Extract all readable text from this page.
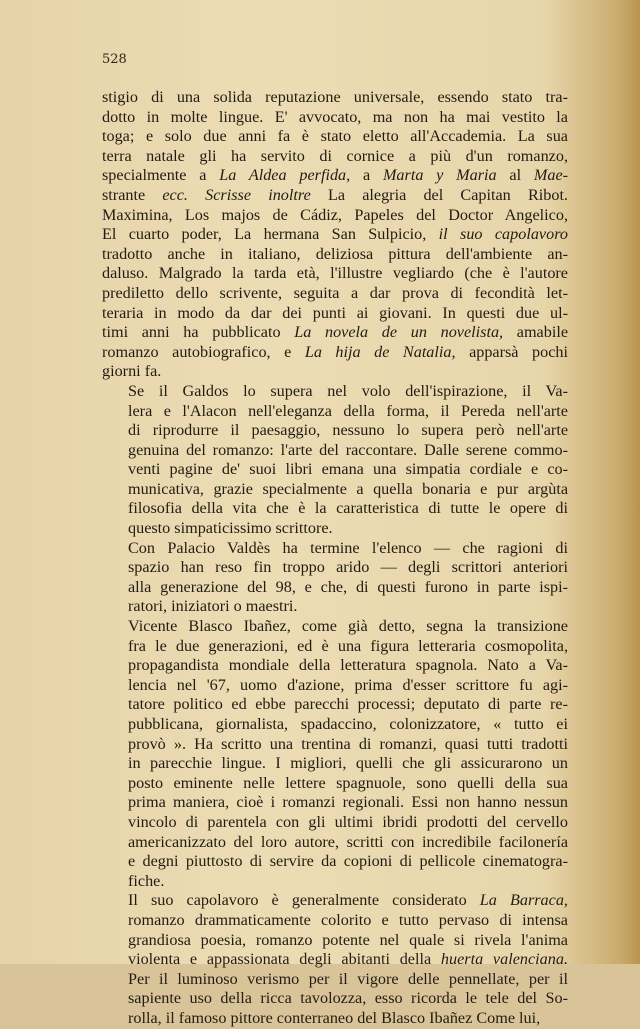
528

stigio di una solida reputazione universale, essendo stato tra-
dotto in molte lingue. E' avvocato, ma non ha mai vestito la
toga; e solo due anni fa è stato eletto all'Accademia. La sua
terra natale gli ha servito di cornice a più d'un romanzo,
specialmente a La Aldea perfida, a Marta y Maria al Mae-
strante ecc. Scrisse inoltre La alegria del Capitan Ribot.
Maximina, Los majos de Cádiz, Papeles del Doctor Angelico,
El cuarto poder, La hermana San Sulpicio, il suo capolavoro
tradotto anche in italiano, deliziosa pittura dell'ambiente an-
daluso. Malgrado la tarda età, l'illustre vegliardo (che è l'autore
prediletto dello scrivente, seguita a dar prova di fecondità let-
teraria in modo da dar dei punti ai giovani. In questi due ul-
timi anni ha pubblicato La novela de un novelista, amabile
romanzo autobiografico, e La hija de Natalia, apparsà pochi
giorni fa.

Se il Galdos lo supera nel volo dell'ispirazione, il Va-
lera e l'Alacon nell'eleganza della forma, il Pereda nell'arte
di riprodurre il paesaggio, nessuno lo supera però nell'arte
genuina del romanzo: l'arte del raccontare. Dalle serene commo-
venti pagine de' suoi libri emana una simpatia cordiale e co-
municativa, grazie specialmente a quella bonaria e pur argùta
filosofia della vita che è la caratteristica di tutte le opere di
questo simpaticissimo scrittore.

Con Palacio Valdès ha termine l'elenco — che ragioni di
spazio han reso fin troppo arido — degli scrittori anteriori
alla generazione del 98, e che, di questi furono in parte ispi-
ratori, iniziatori o maestri.

Vicente Blasco Ibañez, come già detto, segna la transizione
fra le due generazioni, ed è una figura letteraria cosmopolita,
propagandista mondiale della letteratura spagnola. Nato a Va-
lencia nel '67, uomo d'azione, prima d'esser scrittore fu agi-
tatore politico ed ebbe parecchi processi; deputato di parte re-
pubblicana, giornalista, spadaccino, colonizzatore, « tutto ei
provò ». Ha scritto una trentina di romanzi, quasi tutti tradotti
in parecchie lingue. I migliori, quelli che gli assicurarono un
posto eminente nelle lettere spagnuole, sono quelli della sua
prima maniera, cioè i romanzi regionali. Essi non hanno nessun
vincolo di parentela con gli ultimi ibridi prodotti del cervello
americanizzato del loro autore, scritti con incredibile facilonería
e degni piuttosto di servire da copioni di pellicole cinematogra-
fiche.

Il suo capolavoro è generalmente considerato La Barraca,
romanzo drammaticamente colorito e tutto pervaso di intensa
grandiosa poesia, romanzo potente nel quale si rivela l'anima
violenta e appassionata degli abitanti della huerta valenciana.
Per il luminoso verismo per il vigore delle pennellate, per il
sapiente uso della ricca tavolozza, esso ricorda le tele del So-
rolla, il famoso pittore conterraneo del Blasco Ibañez Come lui,
